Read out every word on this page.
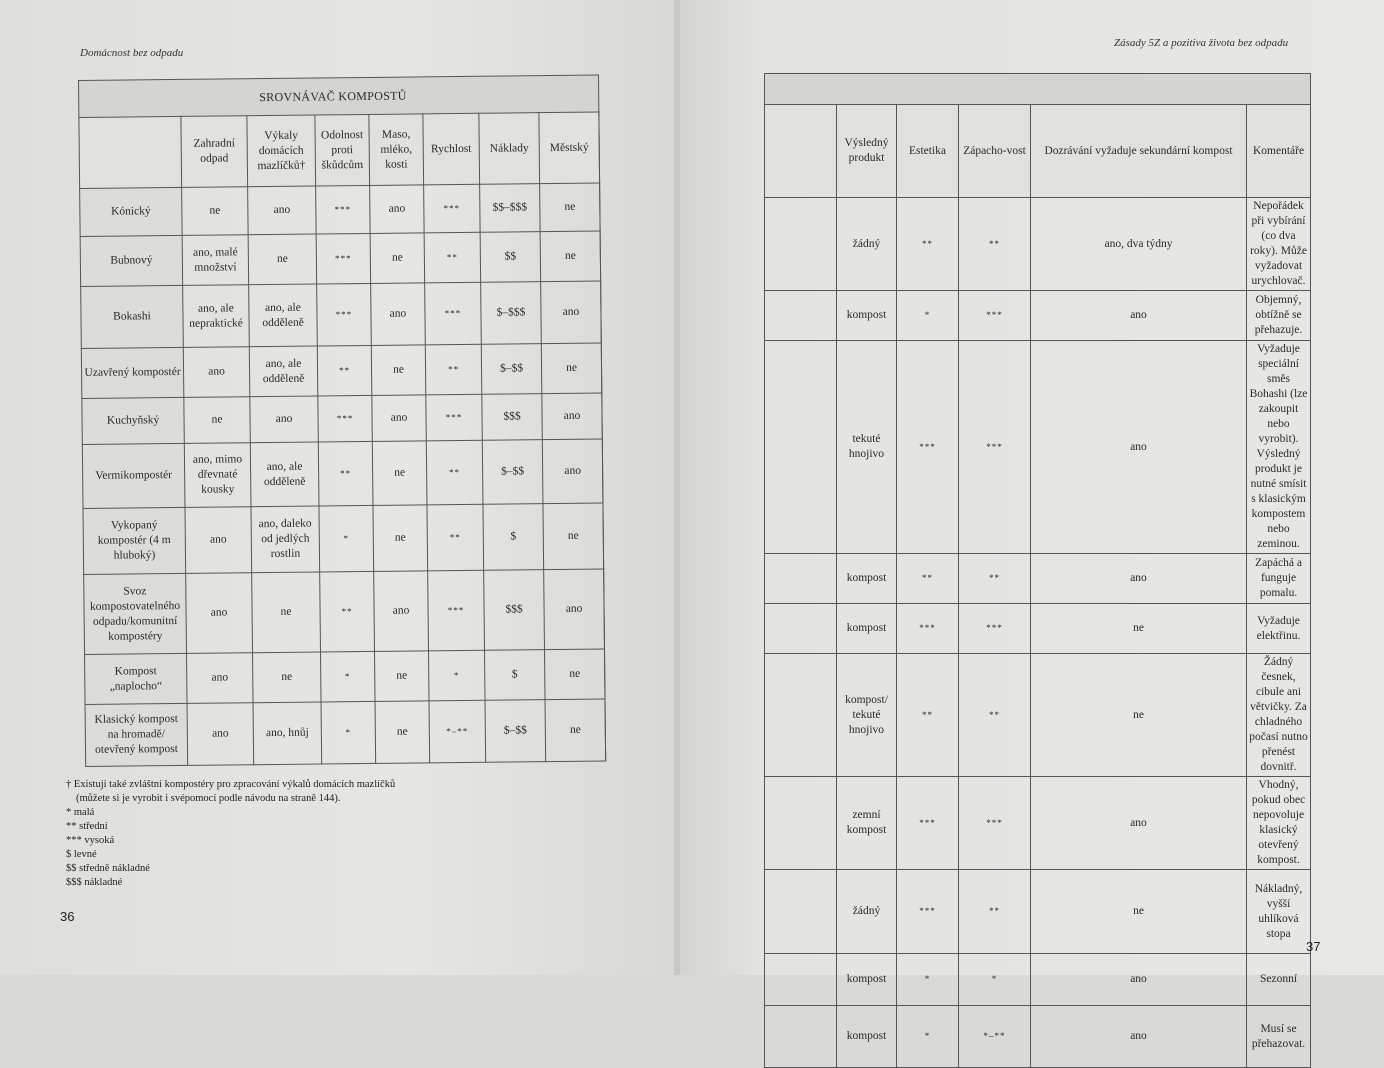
Domácnost bez odpadu
Zásady 5Z a pozitiva života bez odpadu
SROVNÁVAČ KOMPOSTŮ								
	Zahradní odpad	Výkaly domácích mazlíčků†	Odolnost proti škůdcům	Maso, mléko, kosti	Rychlost	Náklady	Městský	
Kónický	ne	ano	***	ano	***	$$–$$$	ne	
Bubnový	ano, malé množství	ne	***	ne	**	$$	ne	
Bokashi	ano, ale nepraktické	ano, ale odděleně	***	ano	***	$–$$$	ano	
Uzavřený kompostér	ano	ano, ale odděleně	**	ne	**	$–$$	ne	
Kuchyňský	ne	ano	***	ano	***	$$$	ano	
Vermikompostér	ano, mimo dřevnaté kousky	ano, ale odděleně	**	ne	**	$–$$	ano	
Vykopaný kompostér (4 m hluboký)	ano	ano, daleko od jedlých rostlin	*	ne	**	$	ne	
Svoz kompostovatelného odpadu/komunitní kompostéry	ano	ne	**	ano	***	$$$	ano	
Kompost „naplocho“	ano	ne	*	ne	*	$	ne	
Klasický kompost na hromadě/ otevřený kompost	ano	ano, hnůj	*	ne	*–**	$–$$	ne	

	Výsledný produkt	Estetika	Zápacho-vost	Dozrávání vyžaduje sekundární kompost	Komentáře	
	žádný	**	**	ano, dva týdny	Nepořádek při vybírání (co dva roky). Může vyžadovat urychlovač.	
	kompost	*	***	ano	Objemný, obtížně se přehazuje.	
	tekuté hnojivo	***	***	ano	Vyžaduje speciální směs Bohashi (lze zakoupit nebo vyrobit). Výsledný produkt je nutné smísit s klasickým kompostem nebo zeminou.	
	kompost	**	**	ano	Zapáchá a funguje pomalu.	
	kompost	***	***	ne	Vyžaduje elektřinu.	
	kompost/ tekuté hnojivo	**	**	ne	Žádný česnek, cibule ani větvičky. Za chladného počasí nutno přenést dovnitř.	
	zemní kompost	***	***	ano	Vhodný, pokud obec nepovoluje klasický otevřený kompost.	
	žádný	***	**	ne	Nákladný, vyšší uhlíková stopa	
	kompost	*	*	ano	Sezonní	
	kompost	*	*–**	ano	Musí se přehazovat.	
† Existují také zvláštní kompostéry pro zpracování výkalů domácích mazlíčků
(můžete si je vyrobit i svépomocí podle návodu na straně 144).
* malá
** střední
*** vysoká
$ levné
$$ středně nákladné
$$$ nákladné
36
37
